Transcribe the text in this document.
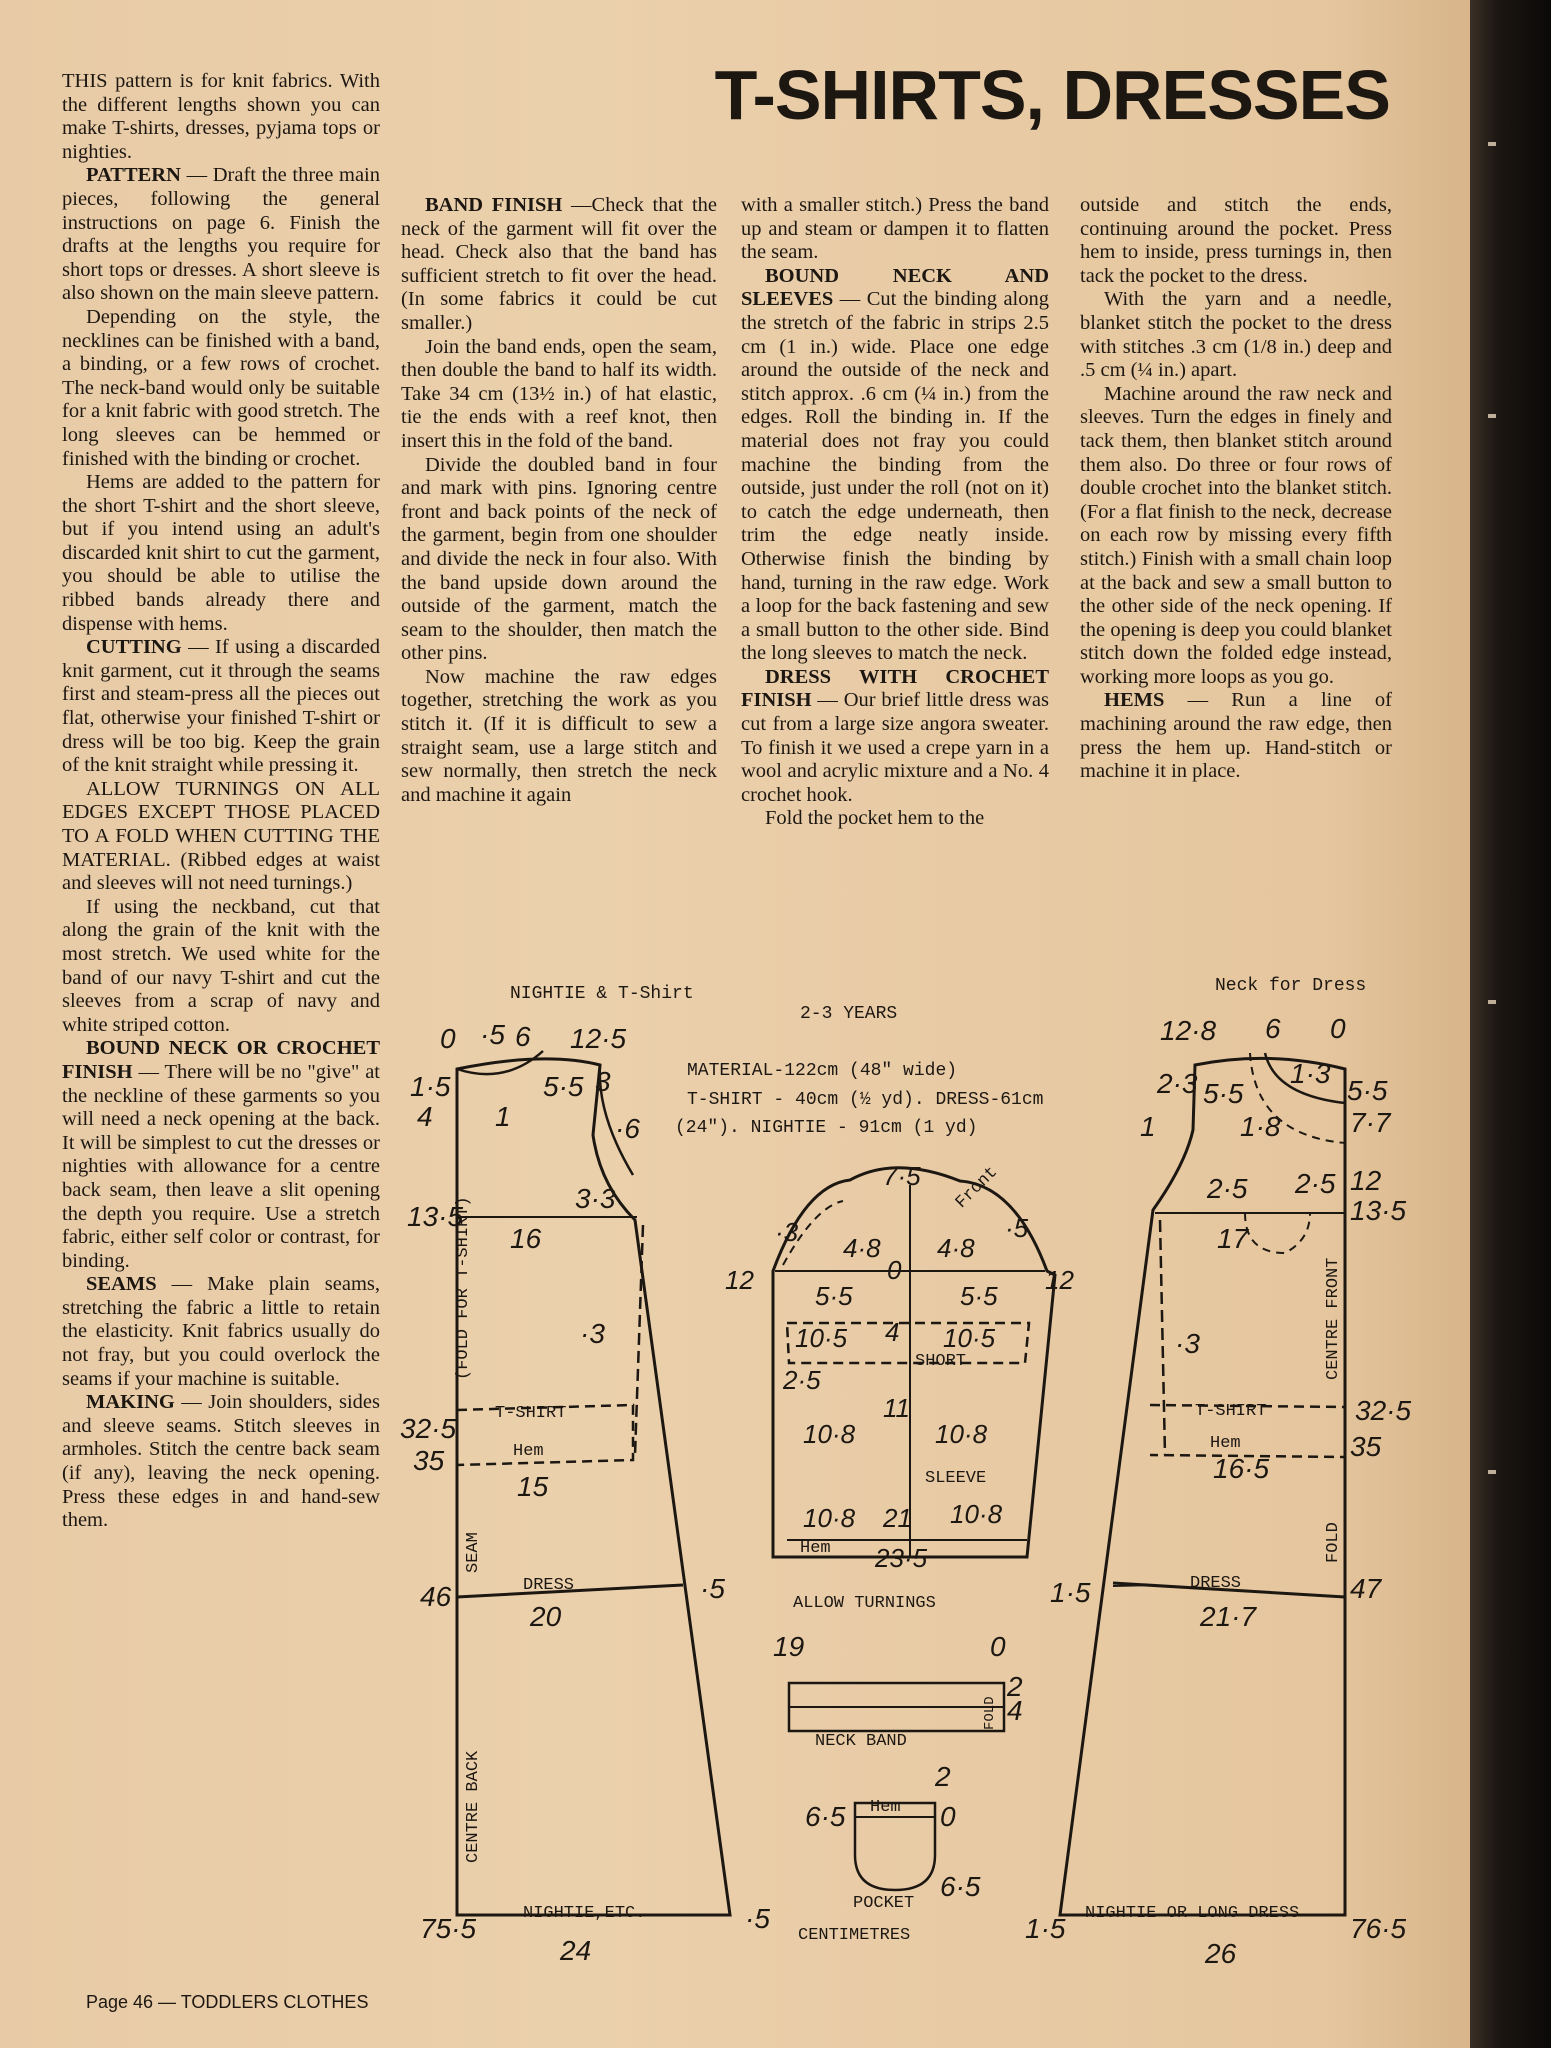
T-SHIRTS, DRESSES

THIS pattern is for knit fabrics. With the different lengths shown you can make T-shirts, dresses, pyjama tops or nighties.

PATTERN — Draft the three main pieces, following the general instructions on page 6. Finish the drafts at the lengths you require for short tops or dresses. A short sleeve is also shown on the main sleeve pattern.

Depending on the style, the necklines can be finished with a band, a binding, or a few rows of crochet. The neck-band would only be suitable for a knit fabric with good stretch. The long sleeves can be hemmed or finished with the binding or crochet.

Hems are added to the pattern for the short T-shirt and the short sleeve, but if you intend using an adult's discarded knit shirt to cut the garment, you should be able to utilise the ribbed bands already there and dispense with hems.

CUTTING — If using a discarded knit garment, cut it through the seams first and steam-press all the pieces out flat, otherwise your finished T-shirt or dress will be too big. Keep the grain of the knit straight while pressing it.

ALLOW TURNINGS ON ALL EDGES EXCEPT THOSE PLACED TO A FOLD WHEN CUTTING THE MATERIAL. (Ribbed edges at waist and sleeves will not need turnings.)

If using the neckband, cut that along the grain of the knit with the most stretch. We used white for the band of our navy T-shirt and cut the sleeves from a scrap of navy and white striped cotton.

BOUND NECK OR CROCHET FINISH — There will be no "give" at the neckline of these garments so you will need a neck opening at the back. It will be simplest to cut the dresses or nighties with allowance for a centre back seam, then leave a slit opening the depth you require. Use a stretch fabric, either self color or contrast, for binding.

SEAMS — Make plain seams, stretching the fabric a little to retain the elasticity. Knit fabrics usually do not fray, but you could overlock the seams if your machine is suitable.

MAKING — Join shoulders, sides and sleeve seams. Stitch sleeves in armholes. Stitch the centre back seam (if any), leaving the neck opening. Press these edges in and hand-sew them.

BAND FINISH —Check that the neck of the garment will fit over the head. Check also that the band has sufficient stretch to fit over the head. (In some fabrics it could be cut smaller.)

Join the band ends, open the seam, then double the band to half its width. Take 34 cm (13½ in.) of hat elastic, tie the ends with a reef knot, then insert this in the fold of the band.

Divide the doubled band in four and mark with pins. Ignoring centre front and back points of the neck of the garment, begin from one shoulder and divide the neck in four also. With the band upside down around the outside of the garment, match the seam to the shoulder, then match the other pins.

Now machine the raw edges together, stretching the work as you stitch it. (If it is difficult to sew a straight seam, use a large stitch and sew normally, then stretch the neck and machine it again

with a smaller stitch.) Press the band up and steam or dampen it to flatten the seam.

BOUND NECK AND SLEEVES — Cut the binding along the stretch of the fabric in strips 2.5 cm (1 in.) wide. Place one edge around the outside of the neck and stitch approx. .6 cm (¼ in.) from the edges. Roll the binding in. If the material does not fray you could machine the binding from the outside, just under the roll (not on it) to catch the edge underneath, then trim the edge neatly inside. Otherwise finish the binding by hand, turning in the raw edge. Work a loop for the back fastening and sew a small button to the other side. Bind the long sleeves to match the neck.

DRESS WITH CROCHET FINISH — Our brief little dress was cut from a large size angora sweater. To finish it we used a crepe yarn in a wool and acrylic mixture and a No. 4 crochet hook.

Fold the pocket hem to the

outside and stitch the ends, continuing around the pocket. Press hem to inside, press turnings in, then tack the pocket to the dress.

With the yarn and a needle, blanket stitch the pocket to the dress with stitches .3 cm (1/8 in.) deep and .5 cm (¼ in.) apart.

Machine around the raw neck and sleeves. Turn the edges in finely and tack them, then blanket stitch around them also. Do three or four rows of double crochet into the blanket stitch. (For a flat finish to the neck, decrease on each row by missing every fifth stitch.) Finish with a small chain loop at the back and sew a small button to the other side of the neck opening. If the opening is deep you could blanket stitch down the folded edge instead, working more loops as you go.

HEMS — Run a line of machining around the raw edge, then press the hem up. Hand-stitch or machine it in place.

NIGHTIE & T-Shirt
2-3 YEARS
MATERIAL-122cm (48" wide)
T-SHIRT - 40cm (½ yd). DRESS-61cm
(24"). NIGHTIE - 91cm (1 yd)
Neck for Dress
0 ·5 6 12·5
1·5
4 1	·6
3
5·5
3·3
13·5
16
·3
32·5
35
15
46
20
·5
75·5
24
·5
(FOLD FOR T-SHIRT)
SEAM
CENTRE BACK
T-SHIRT
Hem
DRESS
NIGHTIE,ETC.
7·5
·3	·5
4·8 4·8
12	0	12
5·5	5·5
10·5 4 10·5
2·5
11
10·8	10·8
10·8 21 10·8
23·5
Front
SHORT
SLEEVE
Hem
ALLOW TURNINGS
19	0
2
4
NECK BAND
FOLD
2
6·5	0
6·5
Hem
POCKET
CENTIMETRES
12·8 6 0
2·3	1·3
5·5	5·5
1·8 7·7
1
2·5
2·5	12
13·5
17
·3
32·5
16·5
35
1·5
21·7
47
1·5
26
76·5
CENTRE FRONT
FOLD
T-SHIRT
Hem
DRESS
NIGHTIE OR LONG DRESS
Page 46 — TODDLERS CLOTHES
